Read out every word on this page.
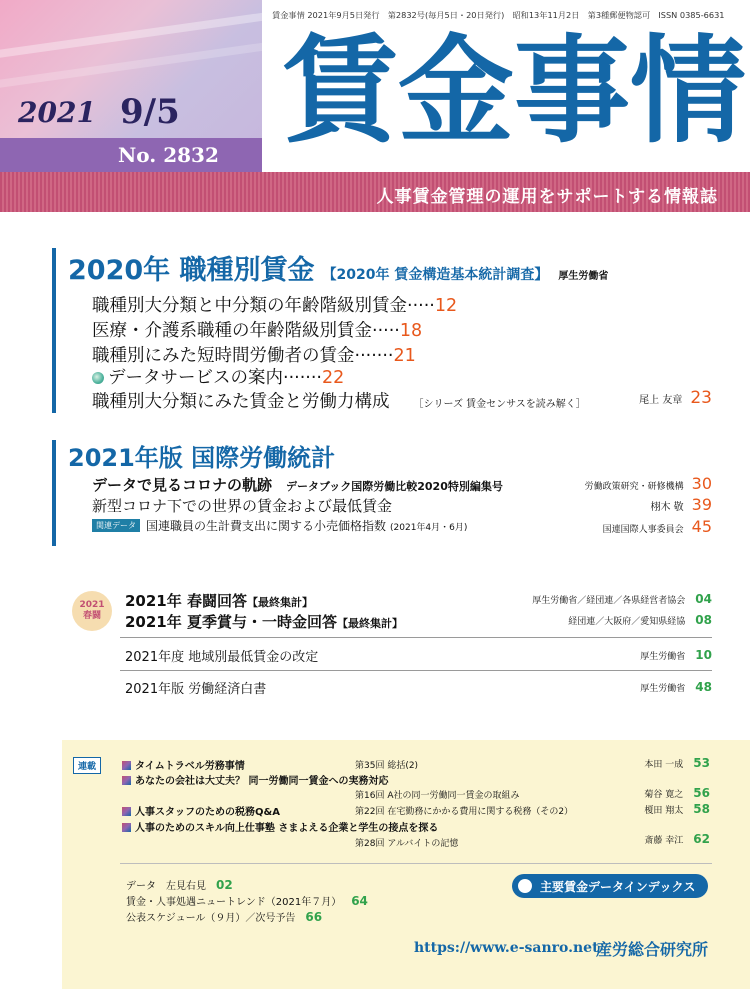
2021 9/5
No. 2832
賃金事情 2021年9月5日発行　第2832号(毎月5日・20日発行)　昭和13年11月2日　第3種郵便物認可　ISSN 0385-6631
賃 金 事 情
人事賃金管理の運用をサポートする情報誌
2020年 職種別賃金 【2020年 賃金構造基本統計調査】 厚生労働省
職種別大分類と中分類の年齢階級別賃金 ····· 12
医療・介護系職種の年齢階級別賃金 ····· 18
職種別にみた短時間労働者の賃金 ······· 21
データサービスの案内 ······· 22
職種別大分類にみた賃金と労働力構成 ［シリーズ 賃金センサスを読み解く］	尾上 友章 23
2021年版 国際労働統計
データで見るコロナの軌跡 データブック国際労働比較2020特別編集号	労働政策研究・研修機構 30
新型コロナ下での世界の賃金および最低賃金	栩木 敬 39
関連データ 国連職員の生計費支出に関する小売価格指数 (2021年4月・6月)	国連国際人事委員会 45
2021
春闘
2021年 春闘回答 【最終集計】	厚生労働省／経団連／各県経営者協会 04
2021年 夏季賞与・一時金回答 【最終集計】	経団連／大阪府／愛知県経協 08
2021年度 地域別最低賃金の改定	厚生労働省 10
2021年版 労働経済白書	厚生労働省 48
連載	タイムトラベル労務事情	第35回 総括(2)	本田 一成 53
あなたの会社は大丈夫？ 同一労働同一賃金への実務対応
第16回 A社の同一労働同一賃金の取組み	菊谷 寛之 56
人事スタッフのための税務Q&A	第22回 在宅勤務にかかる費用に関する税務（その2）	榎田 翔太 58
人事のためのスキル向上仕事塾 さまよえる企業と学生の接点を探る
第28回 アルバイトの記憶	斎藤 幸江 62
データ　左見右見 02
賃金・人事処遇ニュートレンド（2021年７月） 64
公表スケジュール（９月）／次号予告 66
主要賃金データインデックス
https://www.e-sanro.net
産労総合研究所
